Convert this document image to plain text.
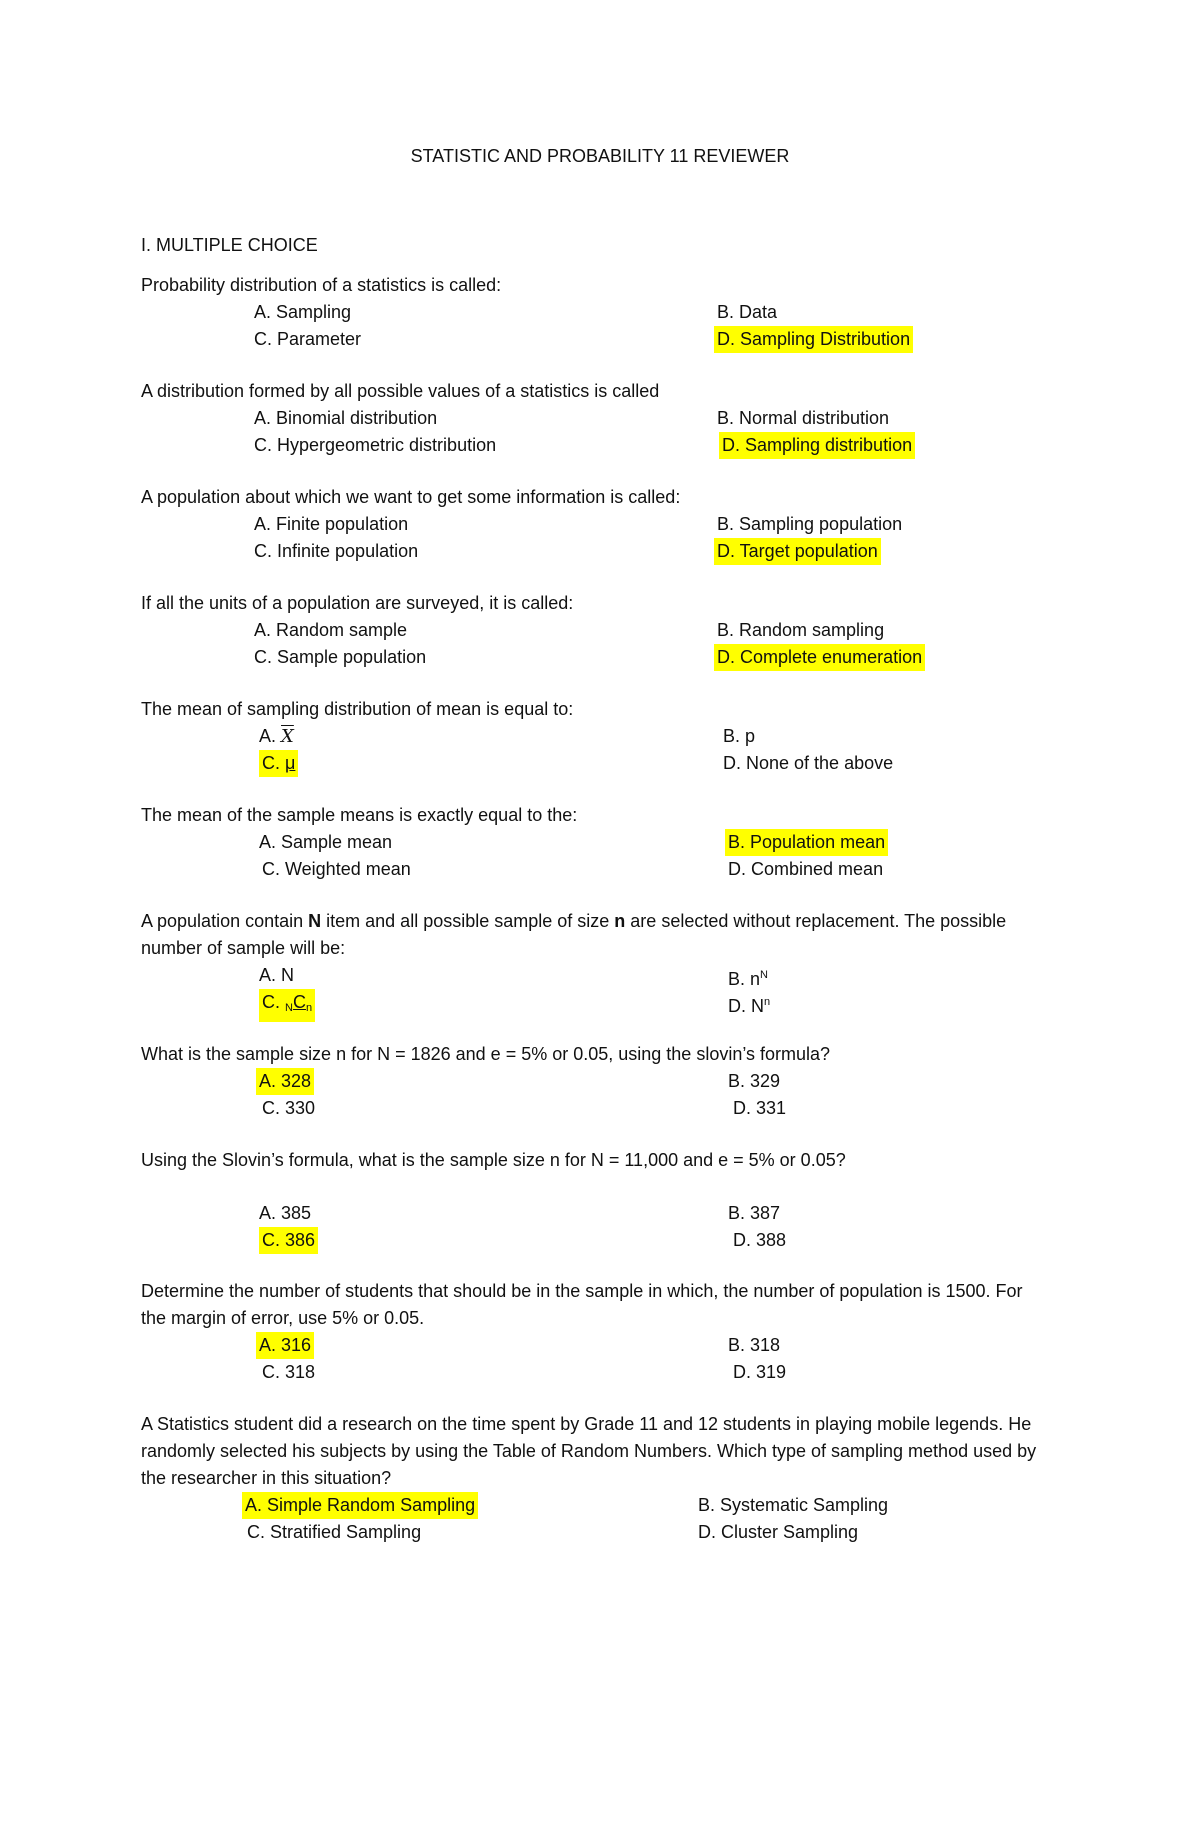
STATISTIC AND PROBABILITY 11 REVIEWER
I. MULTIPLE CHOICE
Probability distribution of a statistics is called:
A. Sampling	B. Data
C. Parameter	D. Sampling Distribution
A distribution formed by all possible values of a statistics is called
A. Binomial distribution	B. Normal distribution
C. Hypergeometric distribution	D. Sampling distribution
A population about which we want to get some information is called:
A. Finite population	B. Sampling population
C. Infinite population	D. Target population
If all the units of a population are surveyed, it is called:
A. Random sample	B. Random sampling
C. Sample population	D. Complete enumeration
The mean of sampling distribution of mean is equal to:
A. $\overline{X}$	B. p
C. μ	D. None of the above
The mean of the sample means is exactly equal to the:
A. Sample mean	B. Population mean
C. Weighted mean	D. Combined mean
A population contain N item and all possible sample of size n are selected without replacement. The possible number of sample will be:
A. N	B. $n^N$
C. $_NC_n$	D. $N^n$
What is the sample size n for N = 1826 and e = 5% or 0.05, using the slovin’s formula?
A. 328	B. 329
C. 330	D. 331
Using the Slovin’s formula, what is the sample size n for N = 11,000 and e = 5% or 0.05?
A. 385	B. 387
C. 386	D. 388
Determine the number of students that should be in the sample in which, the number of population is 1500. For the margin of error, use 5% or 0.05.
A. 316	B. 318
C. 318	D. 319
A Statistics student did a research on the time spent by Grade 11 and 12 students in playing mobile legends. He randomly selected his subjects by using the Table of Random Numbers. Which type of sampling method used by the researcher in this situation?
A. Simple Random Sampling	B. Systematic Sampling
C. Stratified Sampling	D. Cluster Sampling
